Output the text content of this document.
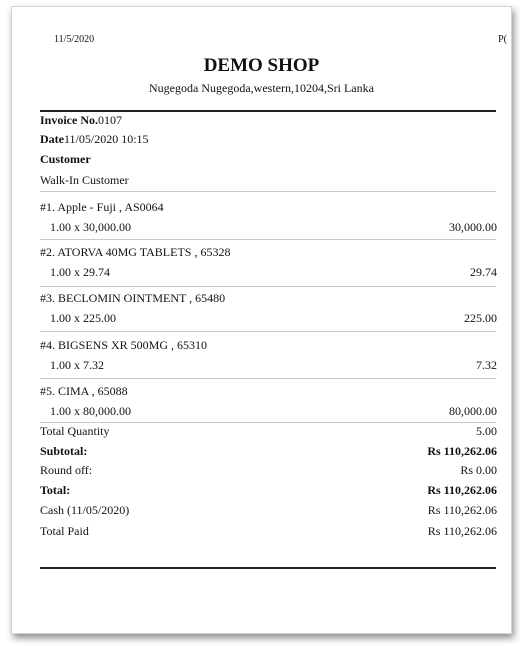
11/5/2020	P(
DEMO SHOP
Nugegoda Nugegoda,western,10204,Sri Lanka
Invoice No.0107
Date11/05/2020 10:15
Customer
Walk-In Customer
#1. Apple - Fuji , AS0064
1.00 x 30,000.00	30,000.00
#2. ATORVA 40MG TABLETS , 65328
1.00 x 29.74	29.74
#3. BECLOMIN OINTMENT , 65480
1.00 x 225.00	225.00
#4. BIGSENS XR 500MG , 65310
1.00 x 7.32	7.32
#5. CIMA , 65088
1.00 x 80,000.00	80,000.00
Total Quantity	5.00
Subtotal:	Rs 110,262.06
Round off:	Rs 0.00
Total:	Rs 110,262.06
Cash (11/05/2020)	Rs 110,262.06
Total Paid	Rs 110,262.06
